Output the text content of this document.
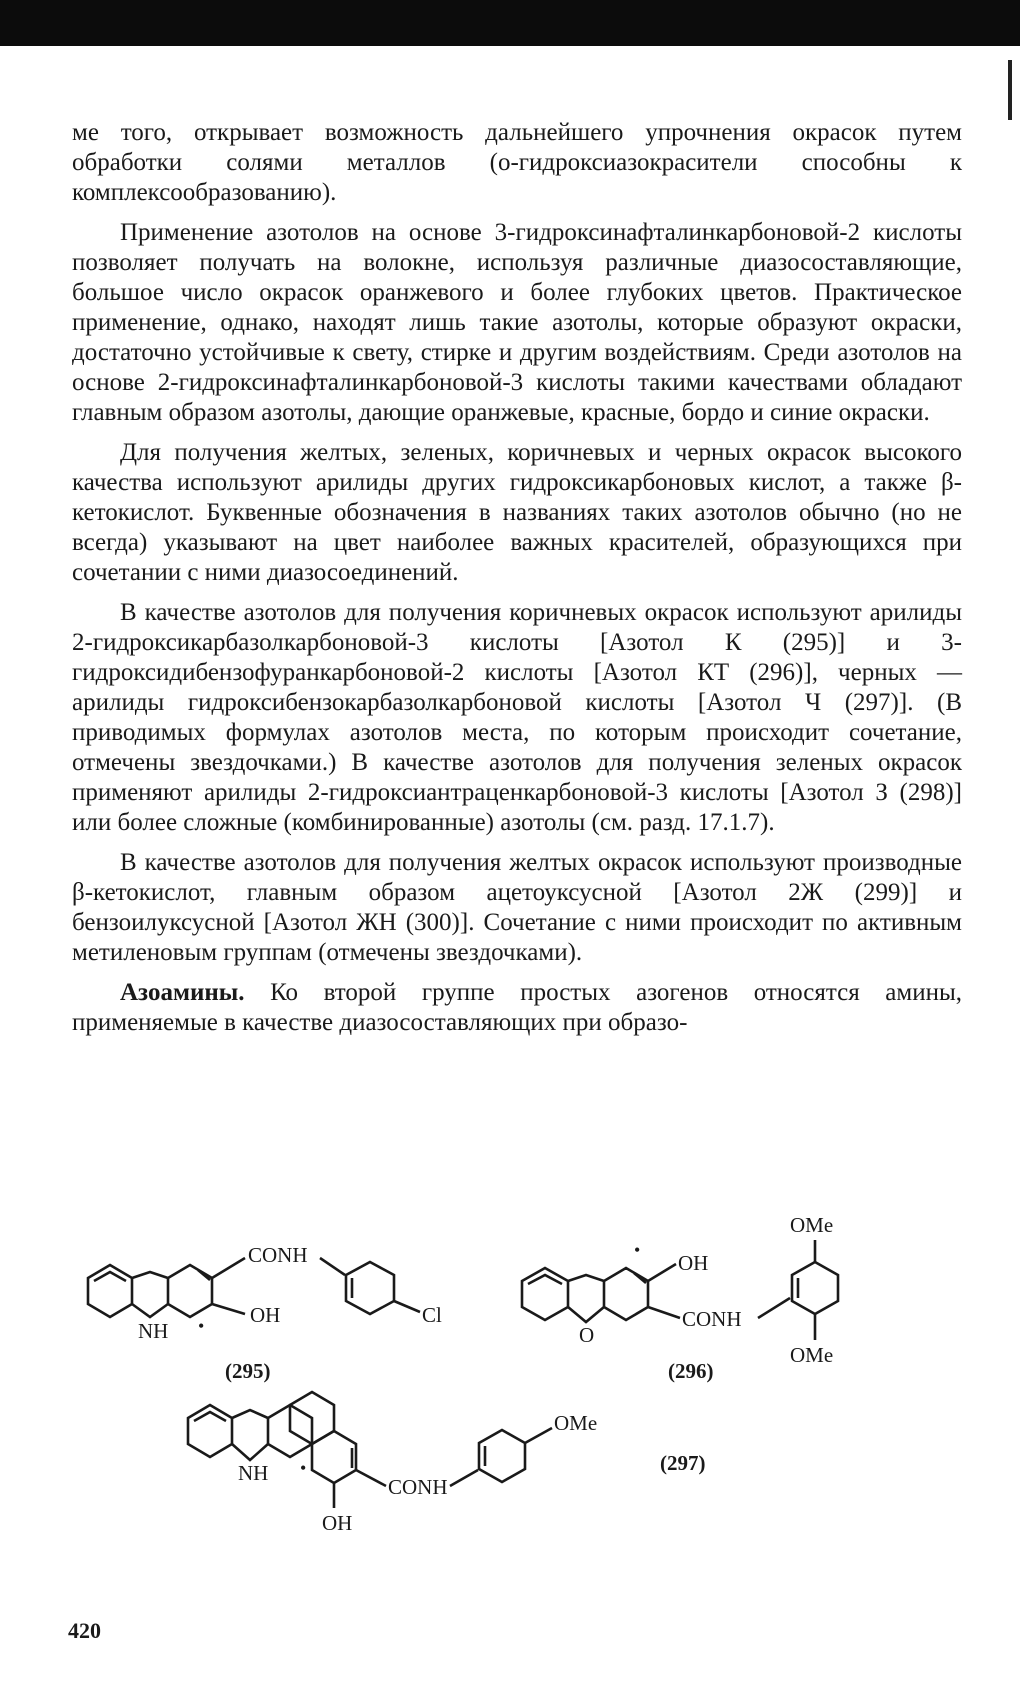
ме того, открывает возможность дальнейшего упрочнения окрасок путем обработки солями металлов (о-гидроксиазокрасители способны к комплексообразованию).

Применение азотолов на основе 3-гидроксинафталинкарбоновой-2 кислоты позволяет получать на волокне, используя различные диазосоставляющие, большое число окрасок оранжевого и более глубоких цветов. Практическое применение, однако, находят лишь такие азотолы, которые образуют окраски, достаточно устойчивые к свету, стирке и другим воздействиям. Среди азотолов на основе 2-гидроксинафталинкарбоновой-3 кислоты такими качествами обладают главным образом азотолы, дающие оранжевые, красные, бордо и синие окраски.

Для получения желтых, зеленых, коричневых и черных окрасок высокого качества используют арилиды других гидроксикарбоновых кислот, а также β-кетокислот. Буквенные обозначения в названиях таких азотолов обычно (но не всегда) указывают на цвет наиболее важных красителей, образующихся при сочетании с ними диазосоединений.

В качестве азотолов для получения коричневых окрасок используют арилиды 2-гидроксикарбазолкарбоновой-3 кислоты [Азотол К (295)] и 3-гидроксидибензофуранкарбоновой-2 кислоты [Азотол КТ (296)], черных — арилиды гидроксибензокарбазолкарбоновой кислоты [Азотол Ч (297)]. (В приводимых формулах азотолов места, по которым происходит сочетание, отмечены звездочками.) В качестве азотолов для получения зеленых окрасок применяют арилиды 2-гидроксиантраценкарбоновой-3 кислоты [Азотол З (298)] или более сложные (комбинированные) азотолы (см. разд. 17.1.7).

В качестве азотолов для получения желтых окрасок используют производные β-кетокислот, главным образом ацетоуксусной [Азотол 2Ж (299)] и бензоилуксусной [Азотол ЖН (300)]. Сочетание с ними происходит по активным метиленовым группам (отмечены звездочками).

Азоамины. Ко второй группе простых азогенов относятся амины, применяемые в качестве диазосоставляющих при образо-

CONH
OH
NH
Cl
•
(295)
OH
O
CONH
OMe
OMe
•
(296)
NH
OH
CONH
OMe
•	(297)
420
